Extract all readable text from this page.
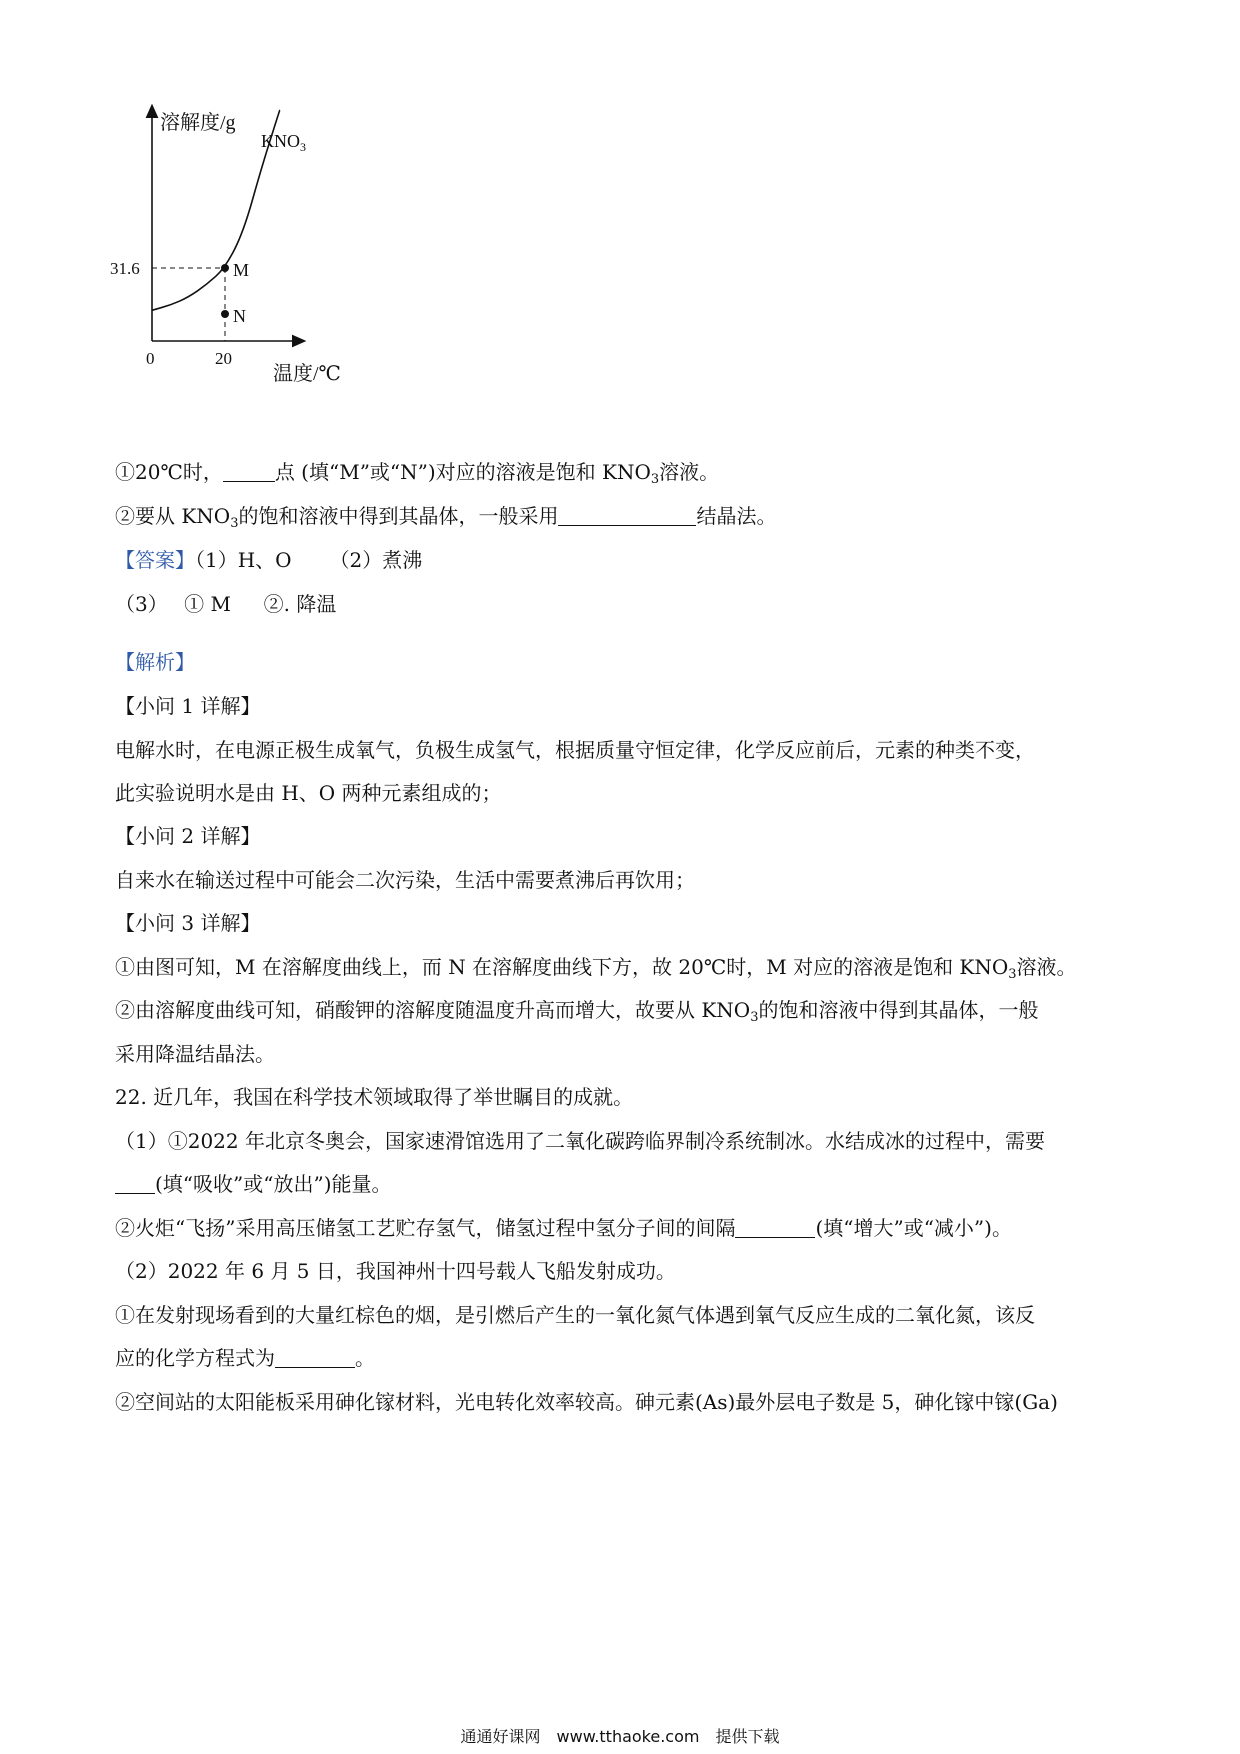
溶解度/g
温度/℃
$KNO_3$
0	20
31.6	M
N
①20℃时，	点 (填“M”或“N”)对应的溶液是饱和 $KNO_3$溶液。
②要从 $KNO_3$的饱和溶液中得到其晶体，一般采用	结晶法。
【答案】（1）H、O （2）煮沸
（3）　 ① M 　 ②. 降温
【解析】
【小问 1 详解】
电解水时，在电源正极生成氧气，负极生成氢气，根据质量守恒定律，化学反应前后，元素的种类不变，
此实验说明水是由 H、O 两种元素组成的；
【小问 2 详解】
自来水在输送过程中可能会二次污染，生活中需要煮沸后再饮用；
【小问 3 详解】
①由图可知，M 在溶解度曲线上，而 N 在溶解度曲线下方，故 20℃时，M 对应的溶液是饱和 $KNO_3$溶液。
②由溶解度曲线可知，硝酸钾的溶解度随温度升高而增大，故要从 $KNO_3$的饱和溶液中得到其晶体，一般
采用降温结晶法。
22. 近几年，我国在科学技术领域取得了举世瞩目的成就。
（1）①2022 年北京冬奥会，国家速滑馆选用了二氧化碳跨临界制冷系统制冰。水结成冰的过程中，需要
(填“吸收”或“放出”)能量。
②火炬“飞扬”采用高压储氢工艺贮存氢气，储氢过程中氢分子间的间隔	(填“增大”或“减小”)。
（2）2022 年 6 月 5 日，我国神州十四号载人飞船发射成功。
①在发射现场看到的大量红棕色的烟，是引燃后产生的一氧化氮气体遇到氧气反应生成的二氧化氮，该反
应的化学方程式为	。
②空间站的太阳能板采用砷化镓材料，光电转化效率较高。砷元素(As)最外层电子数是 5，砷化镓中镓(Ga)
通通好课网　www.tthaoke.com　提供下载
